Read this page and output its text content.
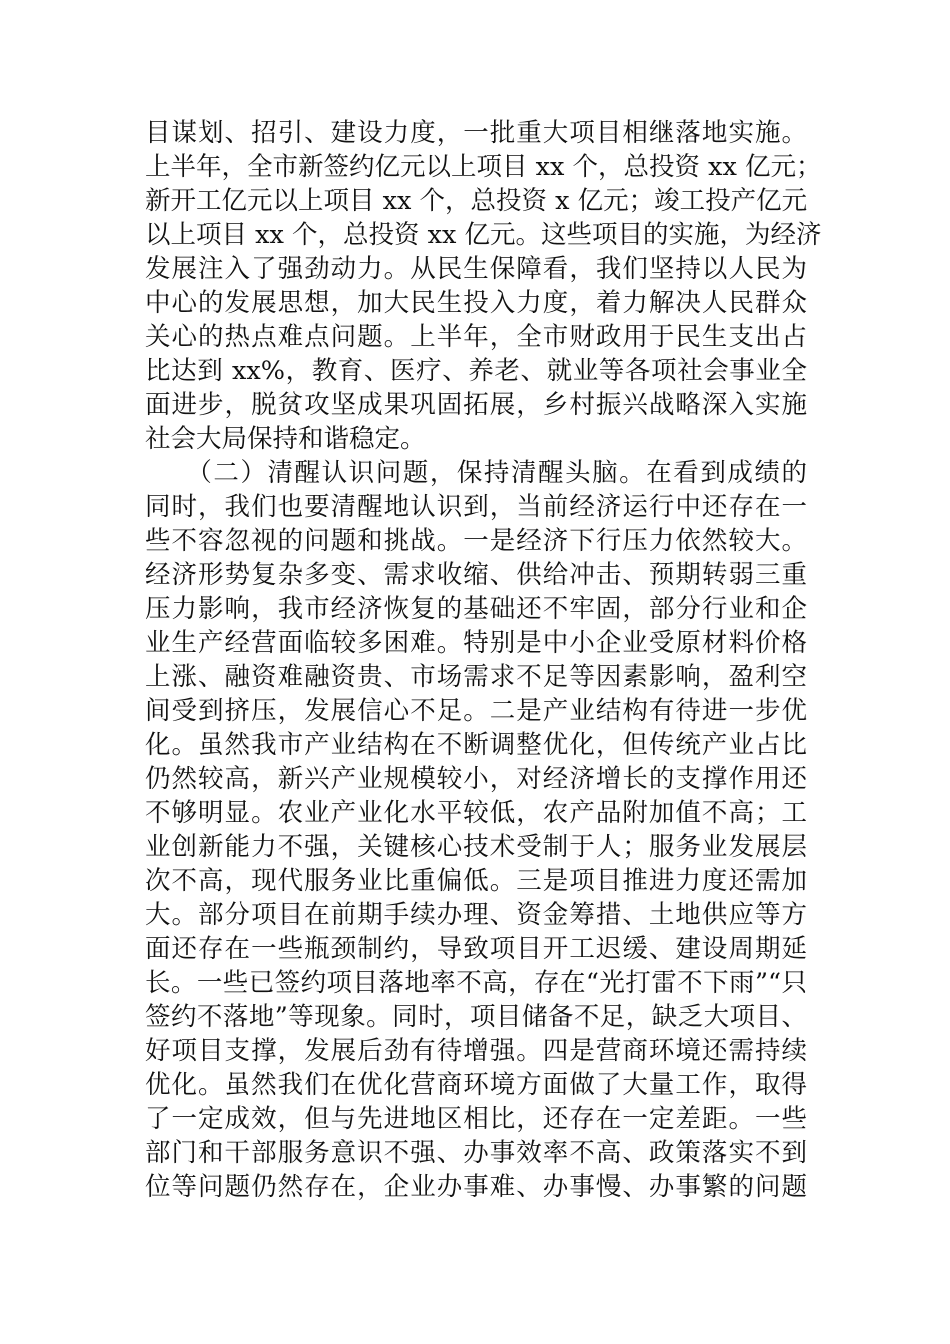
目谋划、招引、建设力度，一批重大项目相继落地实施。
上半年，全市新签约亿元以上项目 xx 个，总投资 xx 亿元；
新开工亿元以上项目 xx 个，总投资 x 亿元；竣工投产亿元
以上项目 xx 个，总投资 xx 亿元。这些项目的实施，为经济
发展注入了强劲动力。从民生保障看，我们坚持以人民为
中心的发展思想，加大民生投入力度，着力解决人民群众
关心的热点难点问题。上半年，全市财政用于民生支出占
比达到 xx%，教育、医疗、养老、就业等各项社会事业全
面进步，脱贫攻坚成果巩固拓展，乡村振兴战略深入实施
社会大局保持和谐稳定。
　　（二）清醒认识问题，保持清醒头脑。在看到成绩的
同时，我们也要清醒地认识到，当前经济运行中还存在一
些不容忽视的问题和挑战。一是经济下行压力依然较大。
经济形势复杂多变、需求收缩、供给冲击、预期转弱三重
压力影响，我市经济恢复的基础还不牢固，部分行业和企
业生产经营面临较多困难。特别是中小企业受原材料价格
上涨、融资难融资贵、市场需求不足等因素影响，盈利空
间受到挤压，发展信心不足。二是产业结构有待进一步优
化。虽然我市产业结构在不断调整优化，但传统产业占比
仍然较高，新兴产业规模较小，对经济增长的支撑作用还
不够明显。农业产业化水平较低，农产品附加值不高；工
业创新能力不强，关键核心技术受制于人；服务业发展层
次不高，现代服务业比重偏低。三是项目推进力度还需加
大。部分项目在前期手续办理、资金筹措、土地供应等方
面还存在一些瓶颈制约，导致项目开工迟缓、建设周期延
长。一些已签约项目落地率不高，存在“光打雷不下雨”“只
签约不落地”等现象。同时，项目储备不足，缺乏大项目、
好项目支撑，发展后劲有待增强。四是营商环境还需持续
优化。虽然我们在优化营商环境方面做了大量工作，取得
了一定成效，但与先进地区相比，还存在一定差距。一些
部门和干部服务意识不强、办事效率不高、政策落实不到
位等问题仍然存在，企业办事难、办事慢、办事繁的问题
